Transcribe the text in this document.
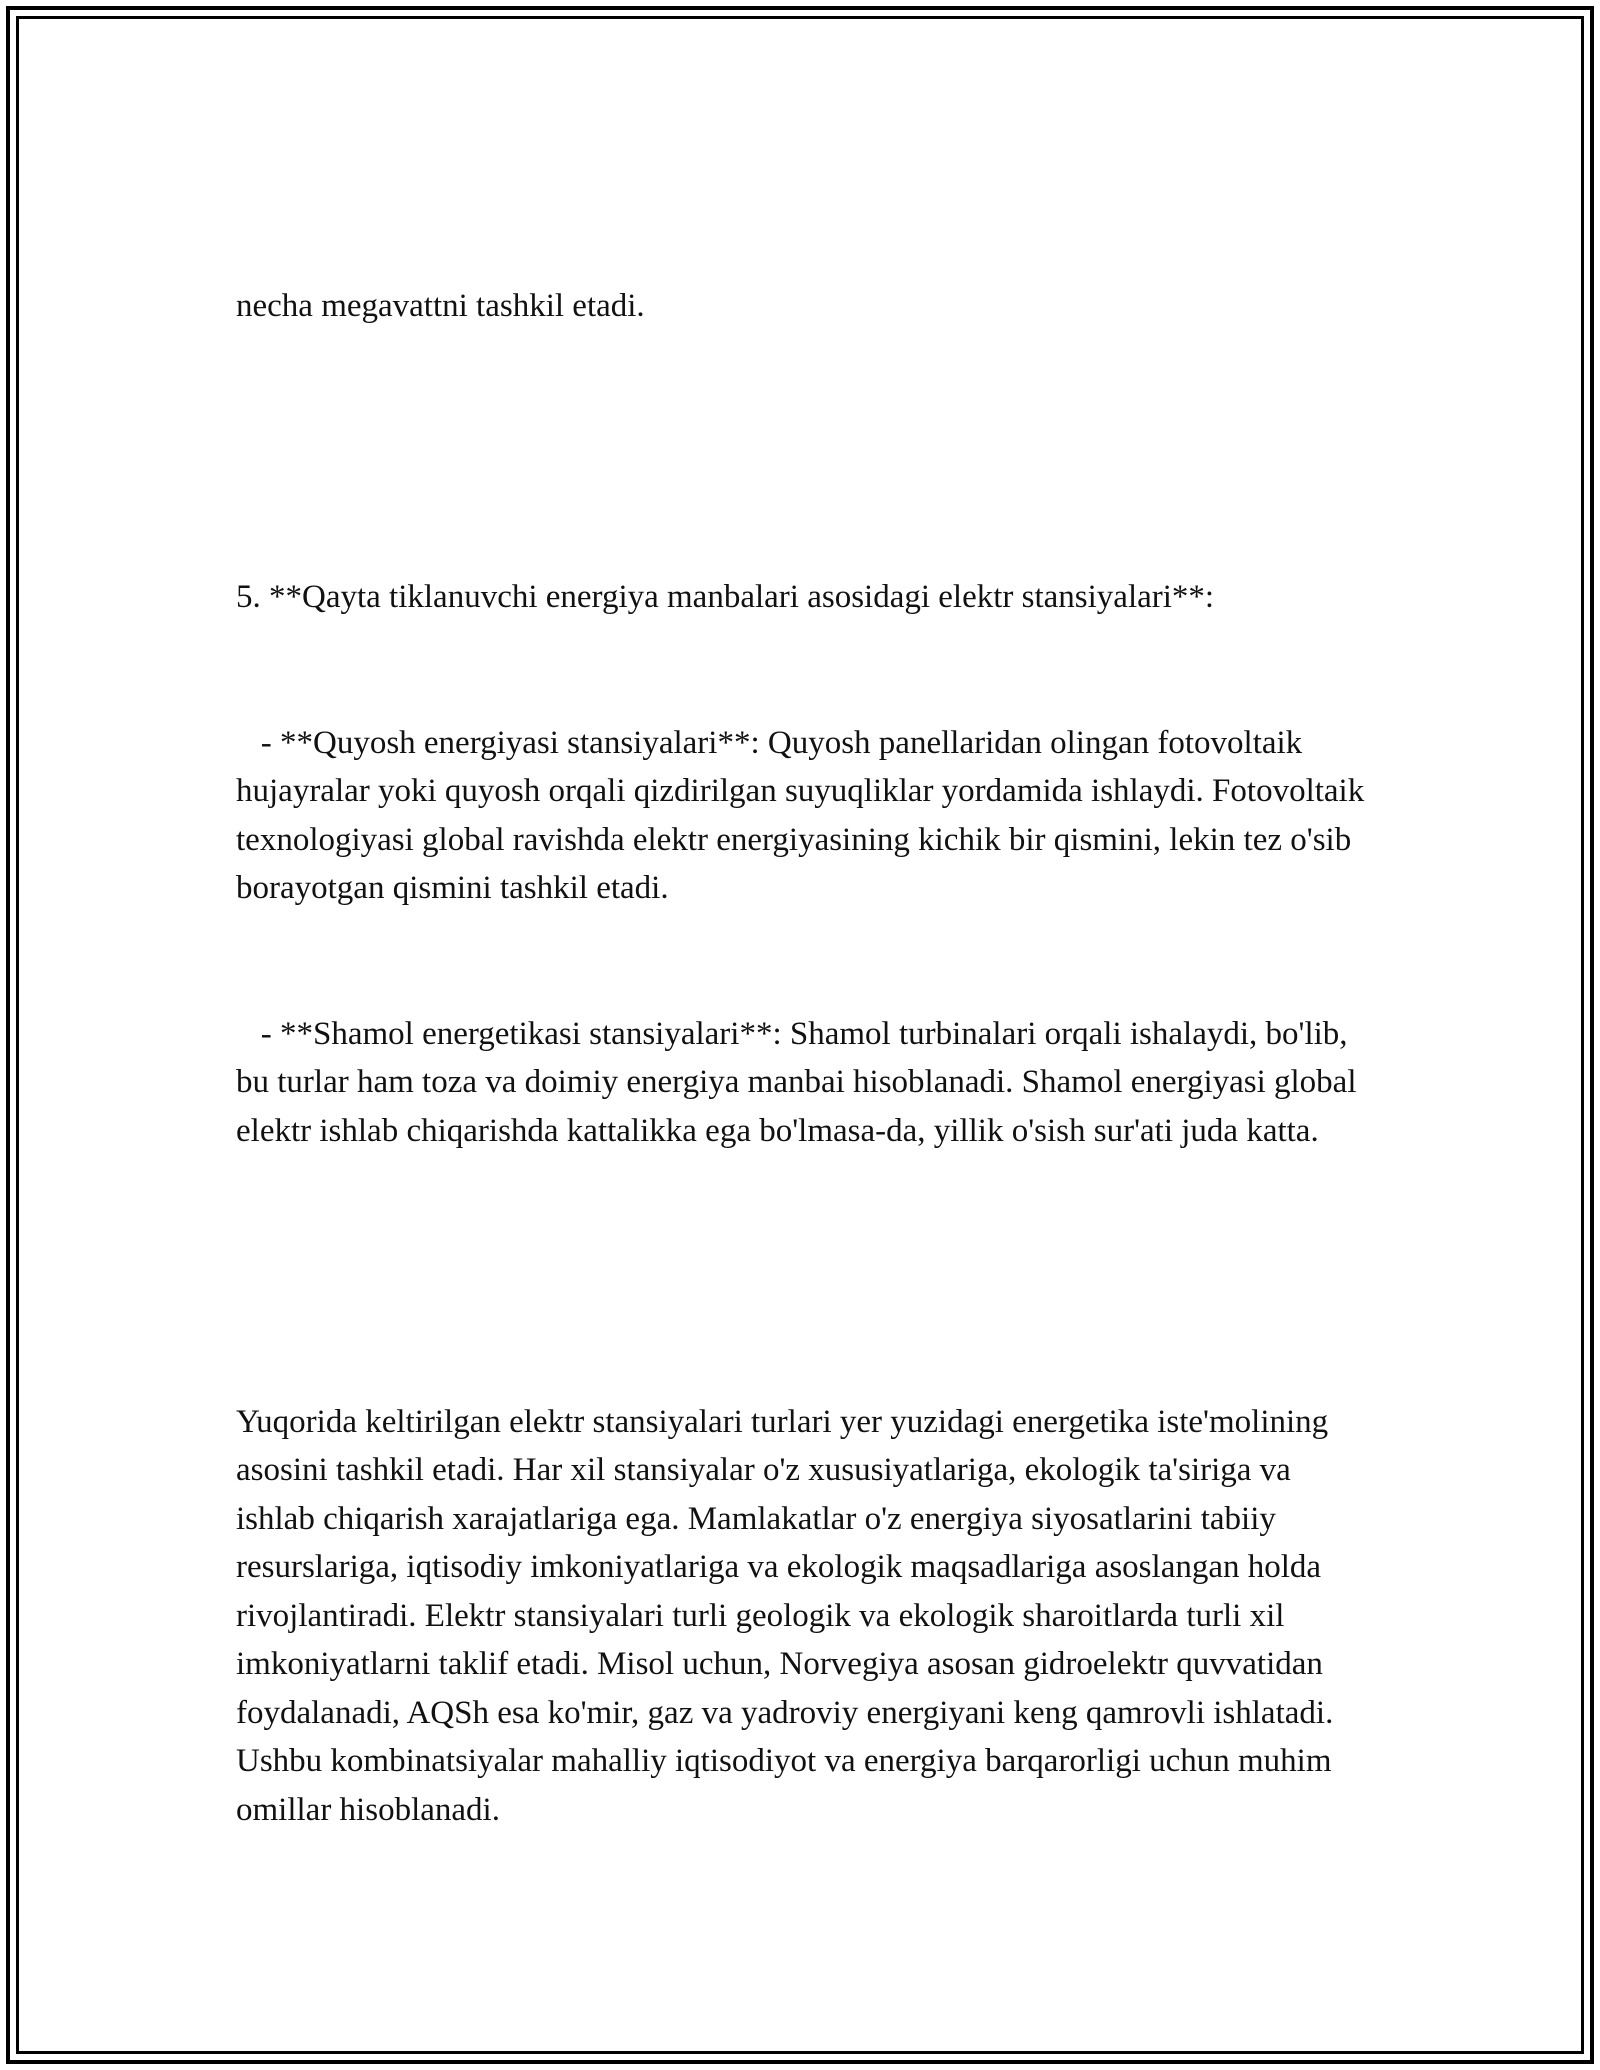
necha megavattni tashkil etadi.

5. **Qayta tiklanuvchi energiya manbalari asosidagi elektr stansiyalari**:

- **Quyosh energiyasi stansiyalari**: Quyosh panellaridan olingan fotovoltaik hujayralar yoki quyosh orqali qizdirilgan suyuqliklar yordamida ishlaydi. Fotovoltaik texnologiyasi global ravishda elektr energiyasining kichik bir qismini, lekin tez o'sib borayotgan qismini tashkil etadi.

- **Shamol energetikasi stansiyalari**: Shamol turbinalari orqali ishalaydi, bo'lib, bu turlar ham toza va doimiy energiya manbai hisoblanadi. Shamol energiyasi global elektr ishlab chiqarishda kattalikka ega bo'lmasa-da, yillik o'sish sur'ati juda katta.

Yuqorida keltirilgan elektr stansiyalari turlari yer yuzidagi energetika iste'molining asosini tashkil etadi. Har xil stansiyalar o'z xususiyatlariga, ekologik ta'siriga va ishlab chiqarish xarajatlariga ega. Mamlakatlar o'z energiya siyosatlarini tabiiy resurslariga, iqtisodiy imkoniyatlariga va ekologik maqsadlariga asoslangan holda rivojlantiradi. Elektr stansiyalari turli geologik va ekologik sharoitlarda turli xil imkoniyatlarni taklif etadi. Misol uchun, Norvegiya asosan gidroelektr quvvatidan foydalanadi, AQSh esa ko'mir, gaz va yadroviy energiyani keng qamrovli ishlatadi. Ushbu kombinatsiyalar mahalliy iqtisodiyot va energiya barqarorligi uchun muhim omillar hisoblanadi.
